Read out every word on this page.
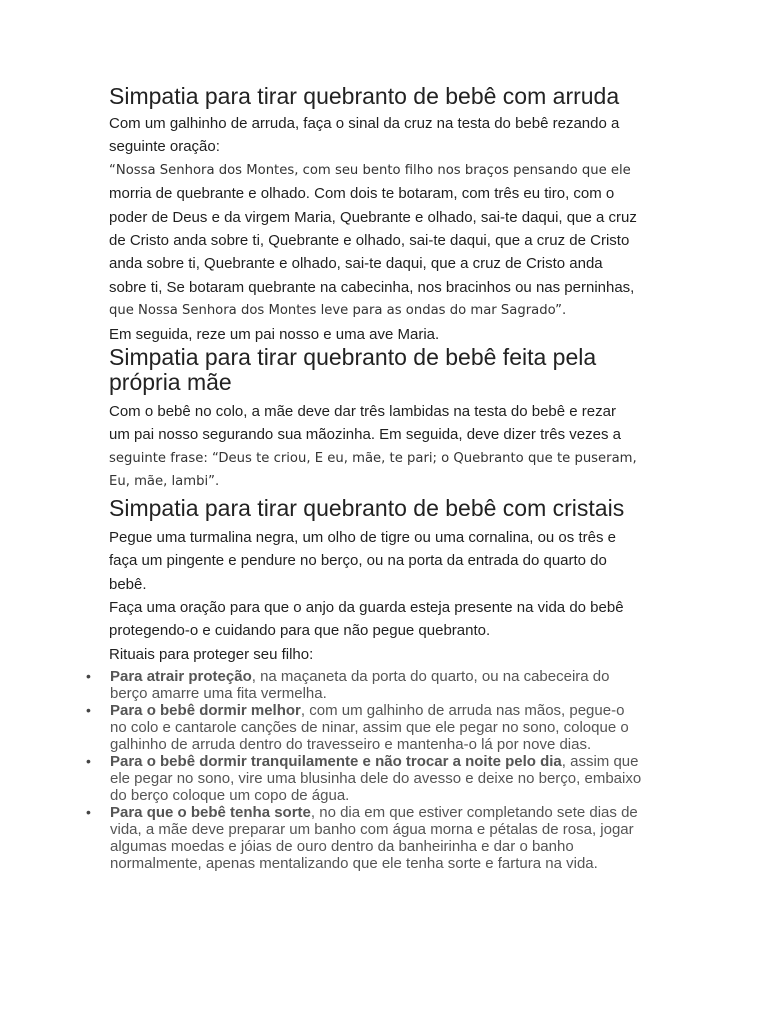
Simpatia para tirar quebranto de bebê com arruda

Com um galhinho de arruda, faça o sinal da cruz na testa do bebê rezando a

seguinte oração:

“Nossa Senhora dos Montes, com seu bento filho nos braços pensando que ele

morria de quebrante e olhado. Com dois te botaram, com três eu tiro, com o

poder de Deus e da virgem Maria, Quebrante e olhado, sai-te daqui, que a cruz

de Cristo anda sobre ti, Quebrante e olhado, sai-te daqui, que a cruz de Cristo

anda sobre ti, Quebrante e olhado, sai-te daqui, que a cruz de Cristo anda

sobre ti, Se botaram quebrante na cabecinha, nos bracinhos ou nas perninhas,

que Nossa Senhora dos Montes leve para as ondas do mar Sagrado”.

Em seguida, reze um pai nosso e uma ave Maria.

Simpatia para tirar quebranto de bebê feita pela
própria mãe

Com o bebê no colo, a mãe deve dar três lambidas na testa do bebê e rezar

um pai nosso segurando sua mãozinha. Em seguida, deve dizer três vezes a

seguinte frase: “Deus te criou, E eu, mãe, te pari; o Quebranto que te puseram,

Eu, mãe, lambi”.

Simpatia para tirar quebranto de bebê com cristais

Pegue uma turmalina negra, um olho de tigre ou uma cornalina, ou os três e

faça um pingente e pendure no berço, ou na porta da entrada do quarto do

bebê.

Faça uma oração para que o anjo da guarda esteja presente na vida do bebê

protegendo-o e cuidando para que não pegue quebranto.

Rituais para proteger seu filho:

• Para atrair proteção, na maçaneta da porta do quarto, ou na cabeceira do
berço amarre uma fita vermelha.
• Para o bebê dormir melhor, com um galhinho de arruda nas mãos, pegue-o
no colo e cantarole canções de ninar, assim que ele pegar no sono, coloque o
galhinho de arruda dentro do travesseiro e mantenha-o lá por nove dias.
• Para o bebê dormir tranquilamente e não trocar a noite pelo dia, assim que
ele pegar no sono, vire uma blusinha dele do avesso e deixe no berço, embaixo
do berço coloque um copo de água.
• Para que o bebê tenha sorte, no dia em que estiver completando sete dias de
vida, a mãe deve preparar um banho com água morna e pétalas de rosa, jogar
algumas moedas e jóias de ouro dentro da banheirinha e dar o banho
normalmente, apenas mentalizando que ele tenha sorte e fartura na vida.
